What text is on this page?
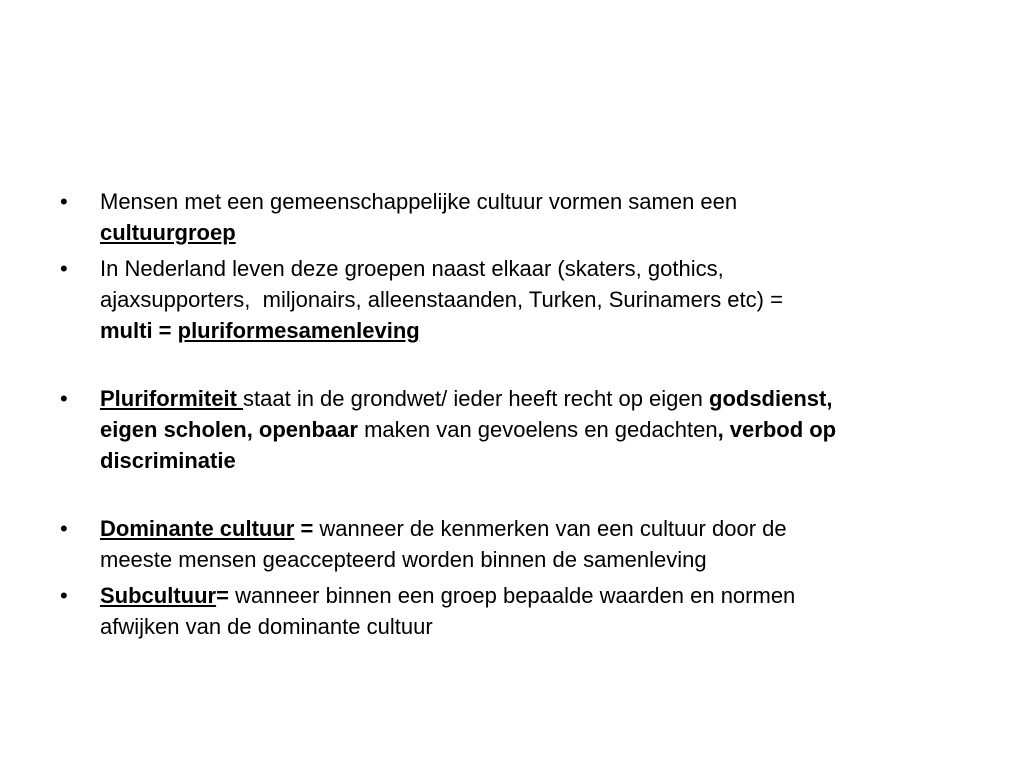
•	Mensen met een gemeenschappelijke cultuur vormen samen een
cultuurgroep
•	In Nederland leven deze groepen naast elkaar (skaters, gothics,
ajaxsupporters,  miljonairs, alleenstaanden, Turken, Surinamers etc) =
multi = pluriformesamenleving
•	Pluriformiteit staat in de grondwet/ ieder heeft recht op eigen godsdienst,
eigen scholen, openbaar maken van gevoelens en gedachten, verbod op
discriminatie
•	Dominante cultuur = wanneer de kenmerken van een cultuur door de
meeste mensen geaccepteerd worden binnen de samenleving
•	Subcultuur= wanneer binnen een groep bepaalde waarden en normen
afwijken van de dominante cultuur
